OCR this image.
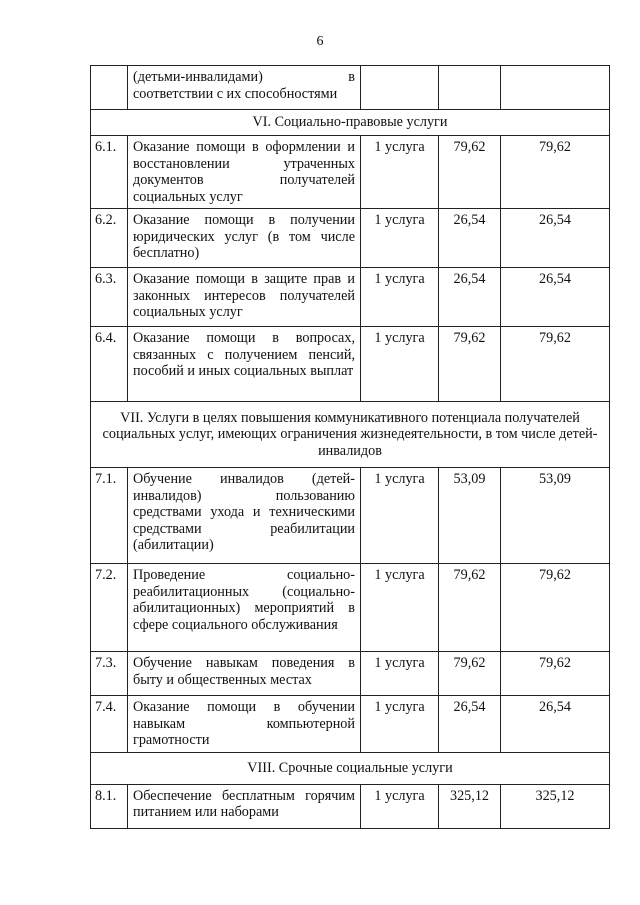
6
	(детьми-инвалидами) в соответствии с их способностями			
VI. Социально-правовые услуги				
6.1.	Оказание помощи в оформлении и восстановлении утраченных документов получателей социальных услуг	1 услуга	79,62	79,62
6.2.	Оказание помощи в получении юридических услуг (в том числе бесплатно)	1 услуга	26,54	26,54
6.3.	Оказание помощи в защите прав и законных интересов получателей социальных услуг	1 услуга	26,54	26,54
6.4.	Оказание помощи в вопросах, связанных с получением пенсий, пособий и иных социальных выплат	1 услуга	79,62	79,62
VII. Услуги в целях повышения коммуникативного потенциала получателей социальных услуг, имеющих ограничения жизнедеятельности, в том числе детей-инвалидов				
7.1.	Обучение инвалидов (детей-инвалидов) пользованию средствами ухода и техническими средствами реабилитации (абилитации)	1 услуга	53,09	53,09
7.2.	Проведение социально-реабилитационных (социально-абилитационных) мероприятий в сфере социального обслуживания	1 услуга	79,62	79,62
7.3.	Обучение навыкам поведения в быту и общественных местах	1 услуга	79,62	79,62
7.4.	Оказание помощи в обучении навыкам компьютерной грамотности	1 услуга	26,54	26,54
VIII. Срочные социальные услуги				
8.1.	Обеспечение бесплатным горячим питанием или наборами	1 услуга	325,12	325,12
